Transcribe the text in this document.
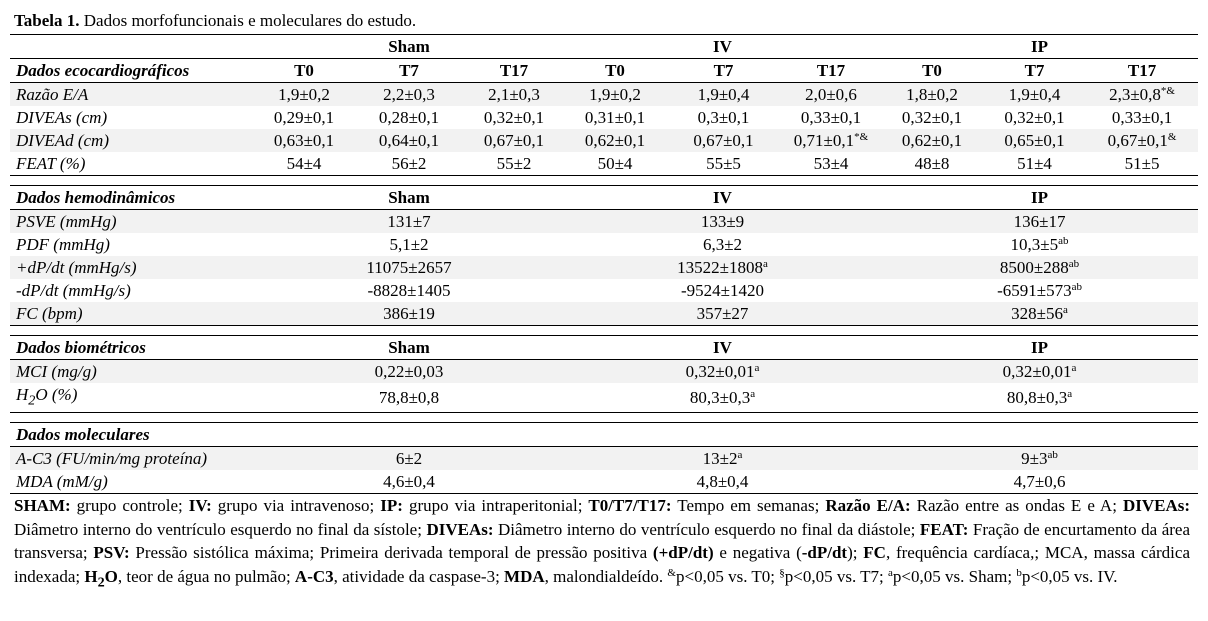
Tabela 1. Dados morfofuncionais e moleculares do estudo.
	Sham			IV			IP		
Dados ecocardiográficos	T0	T7	T17	T0	T7	T17	T0	T7	T17
Razão E/A	1,9±0,2	2,2±0,3	2,1±0,3	1,9±0,2	1,9±0,4	2,0±0,6	1,8±0,2	1,9±0,4	2,3±0,8*&
DIVEAs (cm)	0,29±0,1	0,28±0,1	0,32±0,1	0,31±0,1	0,3±0,1	0,33±0,1	0,32±0,1	0,32±0,1	0,33±0,1
DIVEAd (cm)	0,63±0,1	0,64±0,1	0,67±0,1	0,62±0,1	0,67±0,1	0,71±0,1*&	0,62±0,1	0,65±0,1	0,67±0,1&
FEAT (%)	54±4	56±2	55±2	50±4	55±5	53±4	48±8	51±4	51±5

Dados hemodinâmicos	Sham			IV			IP		
PSVE (mmHg)	131±7			133±9			136±17		
PDF (mmHg)	5,1±2			6,3±2			$10,3\pm 5^{ab}$
+dP/dt (mmHg/s)	11075±2657			$13522\pm 1808^a$			$8500\pm 288^{ab}$
-dP/dt (mmHg/s)	-8828±1405			-9524±1420			$-6591\pm 573^{ab}$
FC (bpm)	386±19			357±27			$328\pm 56^a$

Dados biométricos	Sham			IV			IP		
MCI (mg/g)	0,22±0,03			0,32±0,01$^a$			0,32±0,01$^a$
$H_2O$ (%)	78,8±0,8			80,3±0,3$^a$			80,8±0,3$^a$

Dados moleculares									
A-C3 (FU/min/mg proteína)	6±2			$13\pm 2^a$			$9\pm 3^{ab}$
MDA (mM/g)	4,6±0,4			4,8±0,4			4,7±0,6		
SHAM: grupo controle; IV: grupo via intravenoso; IP: grupo via intraperitonial; T0/T7/T17: Tempo em semanas; Razão E/A: Razão entre as ondas E e A; DIVEAs: Diâmetro interno do ventrículo esquerdo no final da sístole; DIVEAs: Diâmetro interno do ventrículo esquerdo no final da diástole; FEAT: Fração de encurtamento da área transversa; PSV: Pressão sistólica máxima; Primeira derivada temporal de pressão positiva (+dP/dt) e negativa (-dP/dt); FC, frequência cardíaca,; MCA, massa cárdica indexada; $H_2O$, teor de água no pulmão; A-C3, atividade da caspase-3; MDA, malondialdeído. &p<0,05 vs. T0; §p<0,05 vs. T7; $^a$p<0,05 vs. Sham; $^b$p<0,05 vs. IV.
